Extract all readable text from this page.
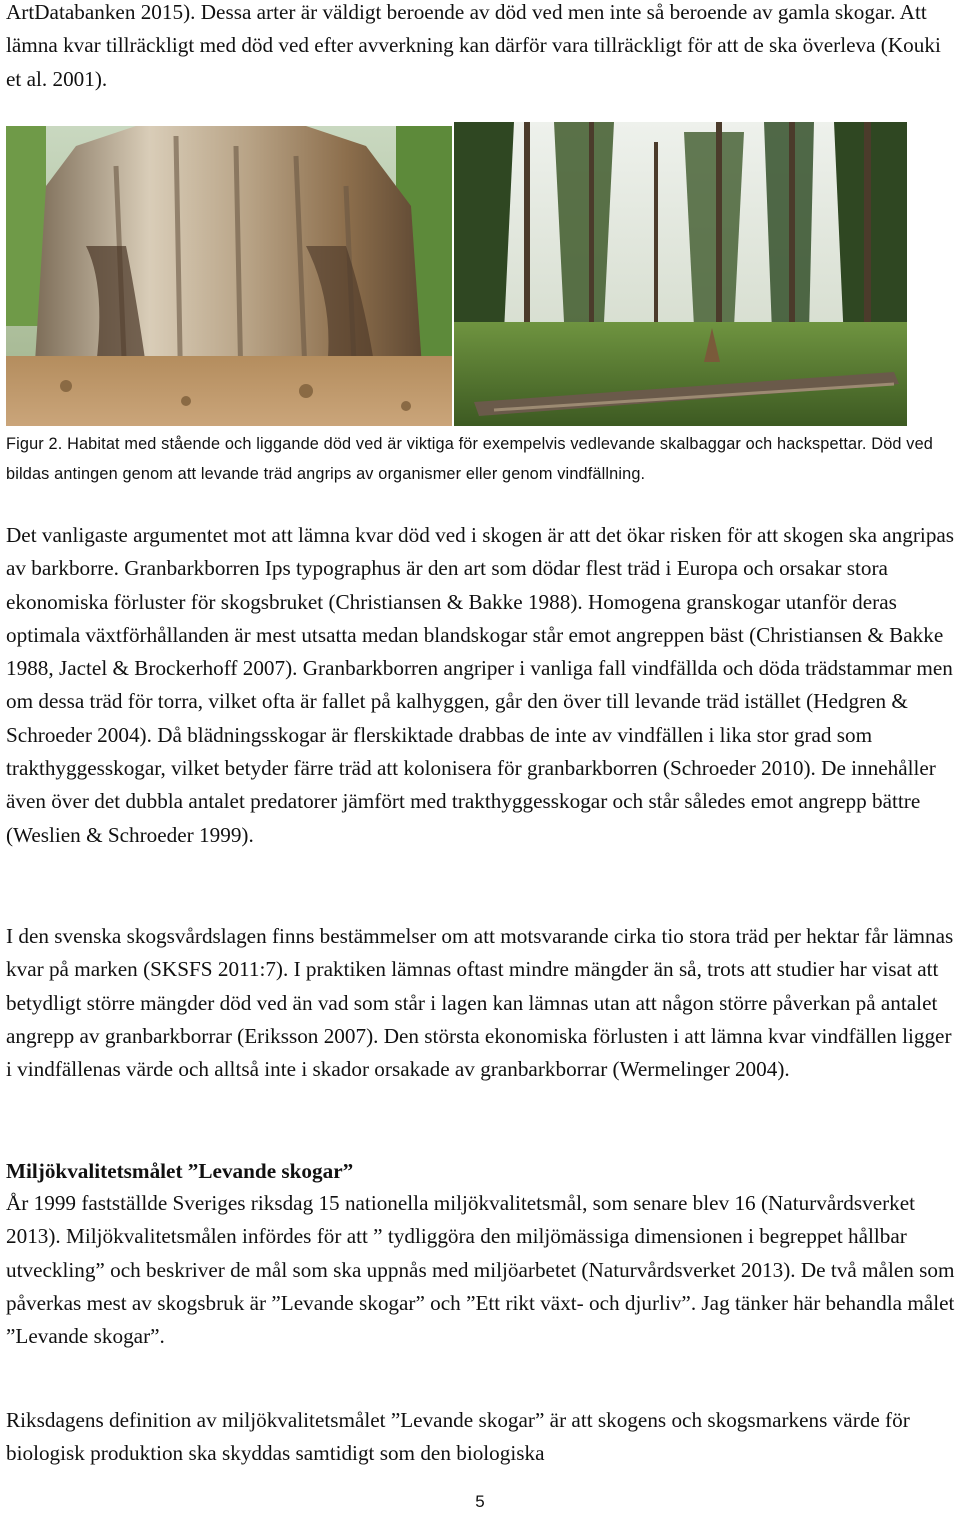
ArtDatabanken 2015). Dessa arter är väldigt beroende av död ved men inte så beroende av gamla skogar. Att lämna kvar tillräckligt med död ved efter avverkning kan därför vara tillräckligt för att de ska överleva (Kouki et al. 2001).

Figur 2. Habitat med stående och liggande död ved är viktiga för exempelvis vedlevande skalbaggar och hackspettar. Död ved bildas antingen genom att levande träd angrips av organismer eller genom vindfällning.

Det vanligaste argumentet mot att lämna kvar död ved i skogen är att det ökar risken för att skogen ska angripas av barkborre. Granbarkborren Ips typographus är den art som dödar flest träd i Europa och orsakar stora ekonomiska förluster för skogsbruket (Christiansen & Bakke 1988). Homogena granskogar utanför deras optimala växtförhållanden är mest utsatta medan blandskogar står emot angreppen bäst (Christiansen & Bakke 1988, Jactel & Brockerhoff 2007). Granbarkborren angriper i vanliga fall vindfällda och döda trädstammar men om dessa träd för torra, vilket ofta är fallet på kalhyggen, går den över till levande träd istället (Hedgren & Schroeder 2004). Då blädningsskogar är flerskiktade drabbas de inte av vindfällen i lika stor grad som trakthyggesskogar, vilket betyder färre träd att kolonisera för granbarkborren (Schroeder 2010). De innehåller även över det dubbla antalet predatorer jämfört med trakthyggesskogar och står således emot angrepp bättre (Weslien & Schroeder 1999).

I den svenska skogsvårdslagen finns bestämmelser om att motsvarande cirka tio stora träd per hektar får lämnas kvar på marken (SKSFS 2011:7). I praktiken lämnas oftast mindre mängder än så, trots att studier har visat att betydligt större mängder död ved än vad som står i lagen kan lämnas utan att någon större påverkan på antalet angrepp av granbarkborrar (Eriksson 2007). Den största ekonomiska förlusten i att lämna kvar vindfällen ligger i vindfällenas värde och alltså inte i skador orsakade av granbarkborrar (Wermelinger 2004).

Miljökvalitetsmålet ”Levande skogar”

År 1999 fastställde Sveriges riksdag 15 nationella miljökvalitetsmål, som senare blev 16 (Naturvårdsverket 2013). Miljökvalitetsmålen infördes för att ” tydliggöra den miljömässiga dimensionen i begreppet hållbar utveckling” och beskriver de mål som ska uppnås med miljöarbetet (Naturvårdsverket 2013). De två målen som påverkas mest av skogsbruk är ”Levande skogar” och ”Ett rikt växt- och djurliv”. Jag tänker här behandla målet ”Levande skogar”.

Riksdagens definition av miljökvalitetsmålet ”Levande skogar” är att skogens och skogsmarkens värde för biologisk produktion ska skyddas samtidigt som den biologiska

5
